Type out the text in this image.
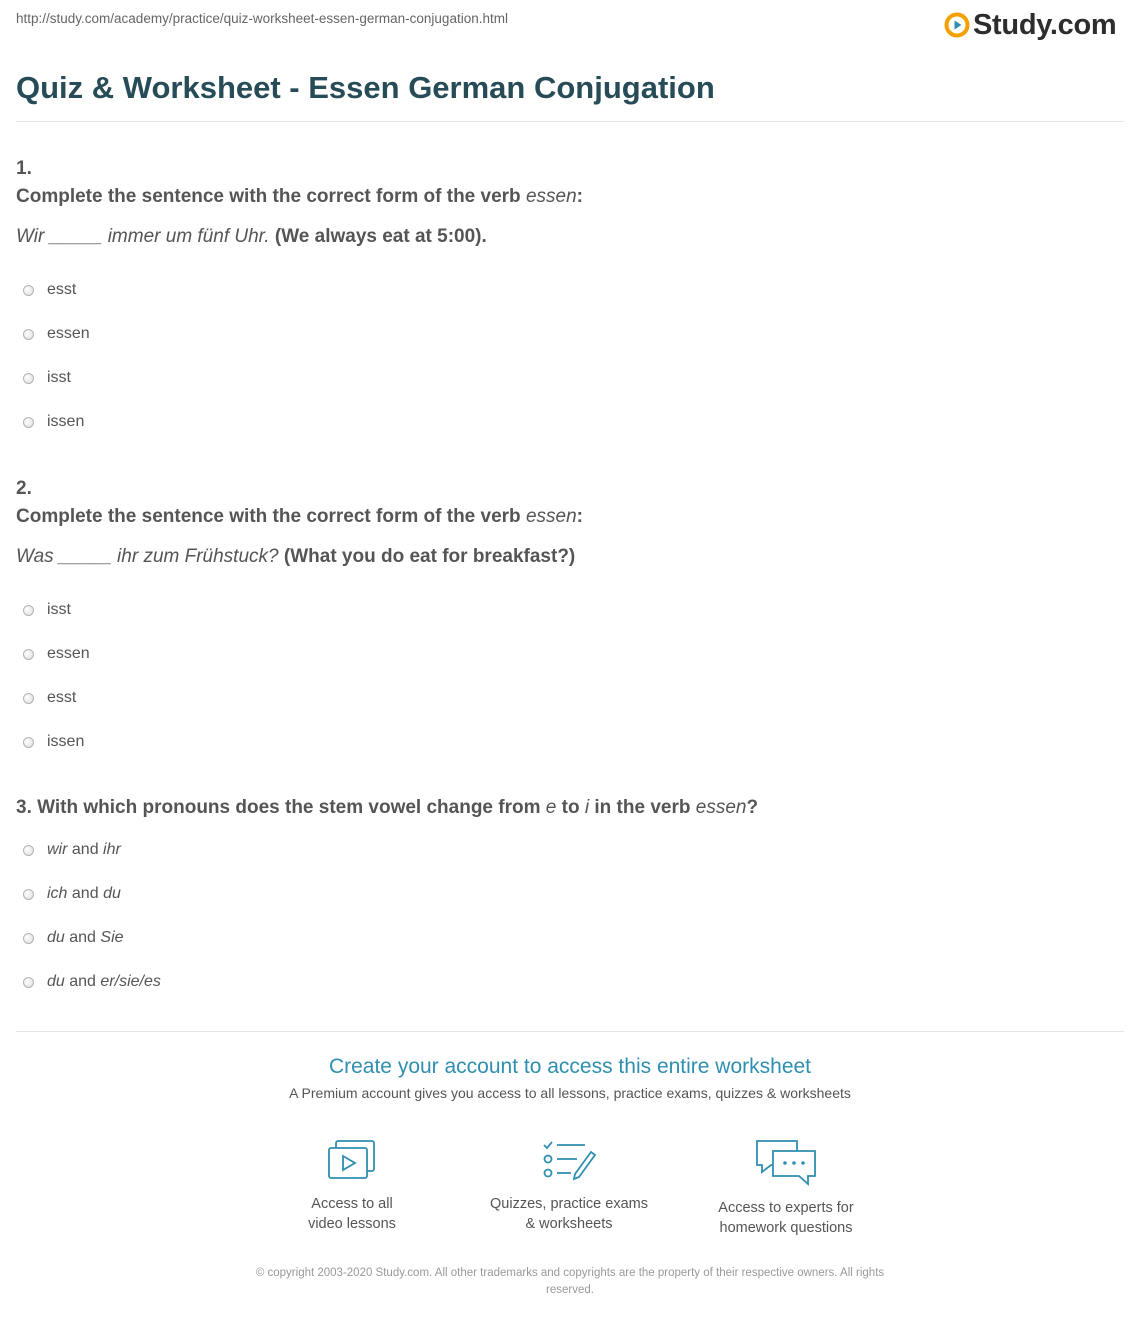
http://study.com/academy/practice/quiz-worksheet-essen-german-conjugation.html	Study.com
Quiz & Worksheet - Essen German Conjugation
1.
Complete the sentence with the correct form of the verb essen:
Wir _____ immer um fünf Uhr. (We always eat at 5:00).
esst
essen
isst
issen
2.
Complete the sentence with the correct form of the verb essen:
Was _____ ihr zum Frühstuck? (What you do eat for breakfast?)
isst
essen
esst
issen
3. With which pronouns does the stem vowel change from e to i in the verb essen?
wir and ihr
ich and du
du and Sie
du and er/sie/es
Create your account to access this entire worksheet
A Premium account gives you access to all lessons, practice exams, quizzes & worksheets
Access to all
video lessons
Quizzes, practice exams
& worksheets
Access to experts for
homework questions
© copyright 2003-2020 Study.com. All other trademarks and copyrights are the property of their respective owners. All rights
reserved.
